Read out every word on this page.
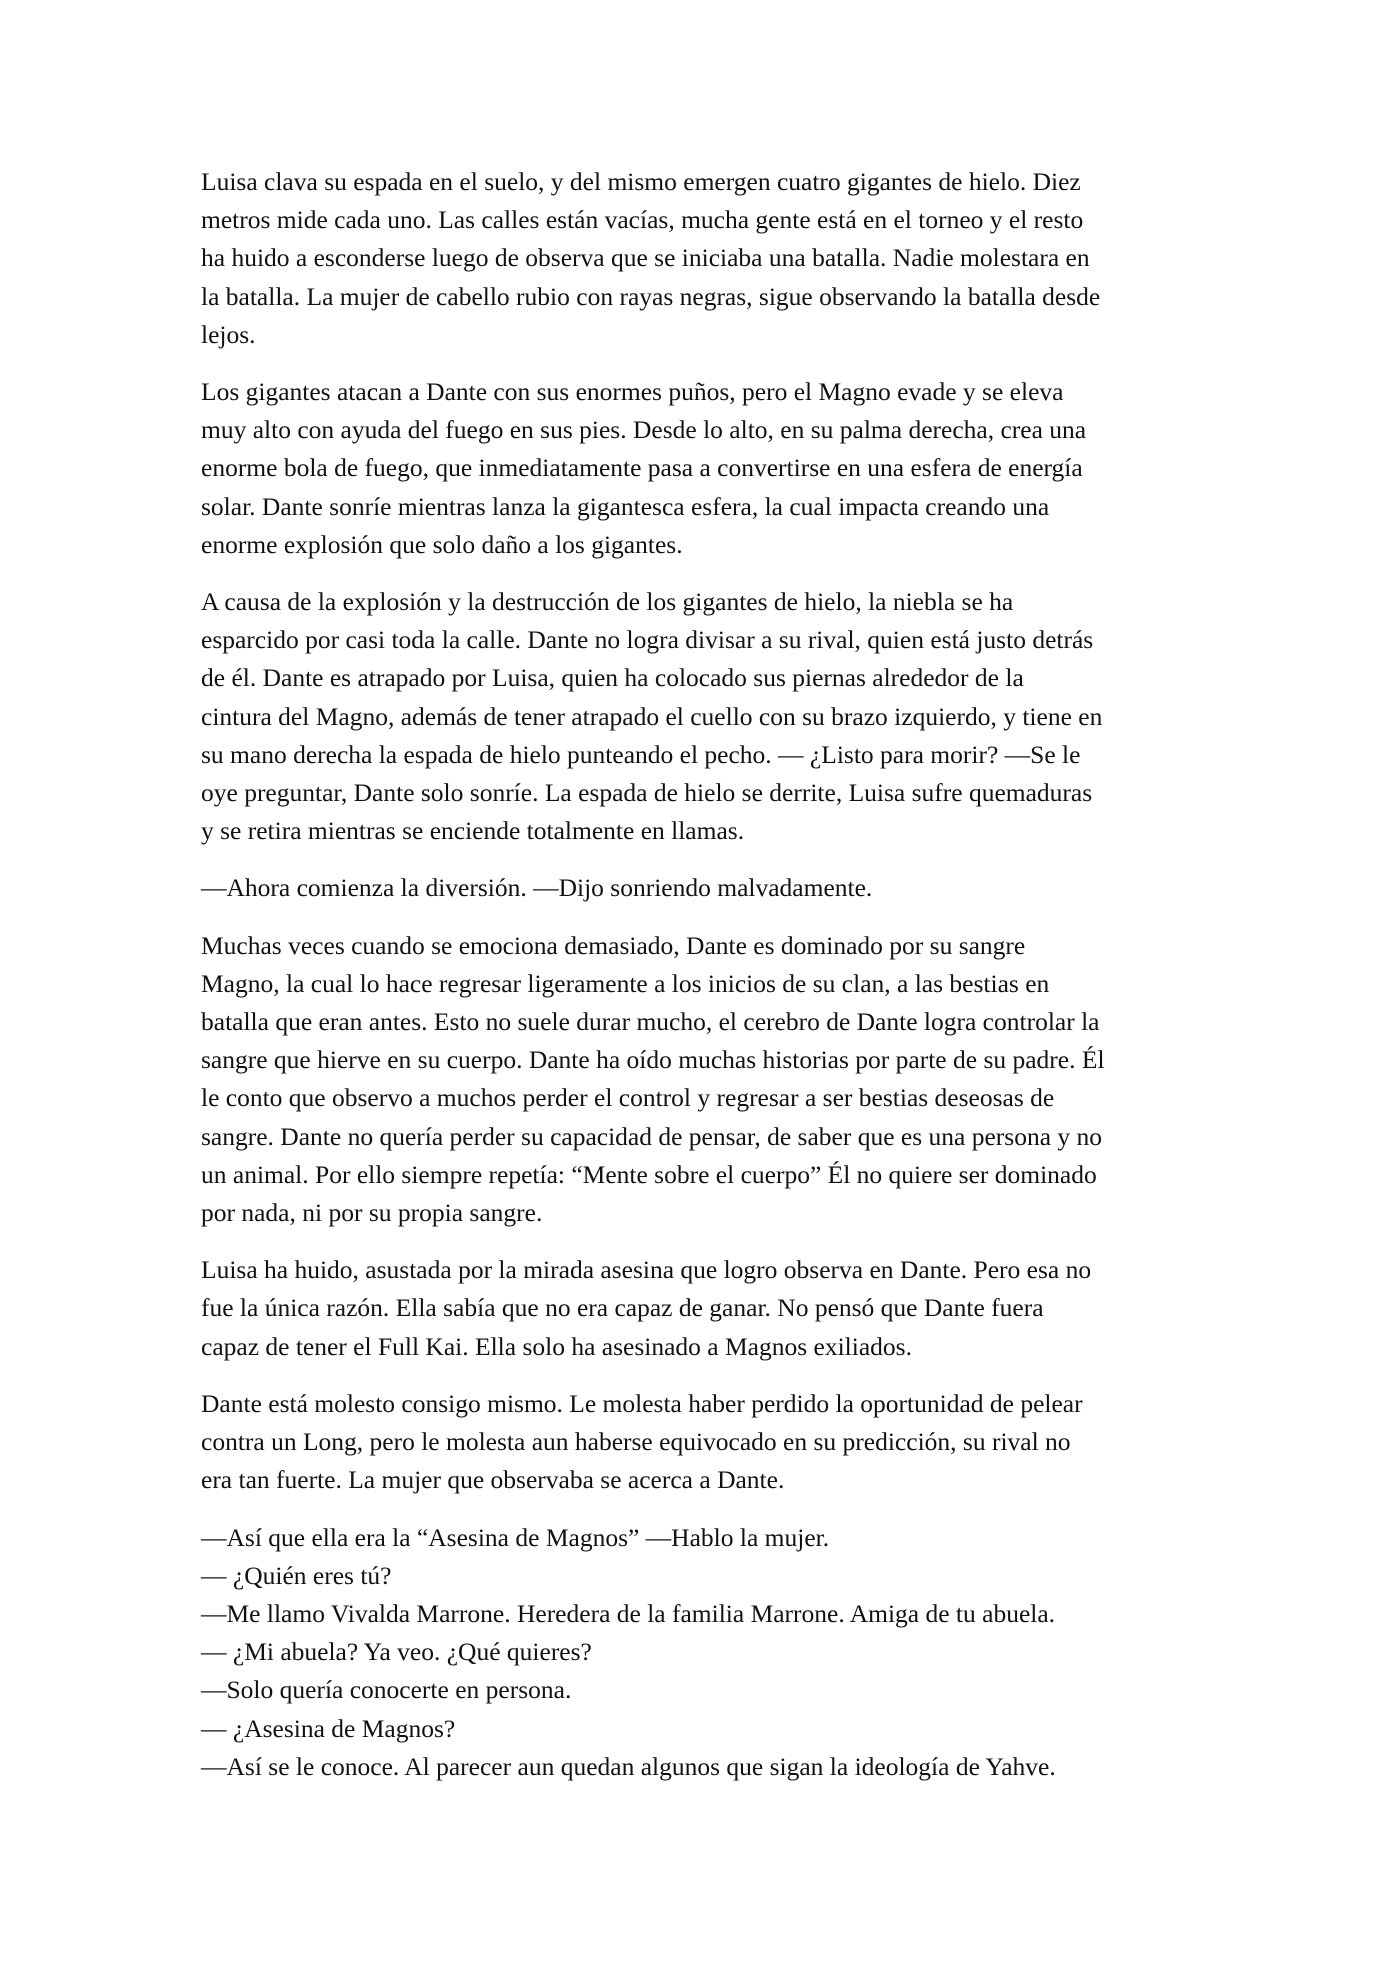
Luisa clava su espada en el suelo, y del mismo emergen cuatro gigantes de hielo. Diez
metros mide cada uno. Las calles están vacías, mucha gente está en el torneo y el resto
ha huido a esconderse luego de observa que se iniciaba una batalla. Nadie molestara en
la batalla. La mujer de cabello rubio con rayas negras, sigue observando la batalla desde
lejos.

Los gigantes atacan a Dante con sus enormes puños, pero el Magno evade y se eleva
muy alto con ayuda del fuego en sus pies. Desde lo alto, en su palma derecha, crea una
enorme bola de fuego, que inmediatamente pasa a convertirse en una esfera de energía
solar. Dante sonríe mientras lanza la gigantesca esfera, la cual impacta creando una
enorme explosión que solo daño a los gigantes.

A causa de la explosión y la destrucción de los gigantes de hielo, la niebla se ha
esparcido por casi toda la calle. Dante no logra divisar a su rival, quien está justo detrás
de él. Dante es atrapado por Luisa, quien ha colocado sus piernas alrededor de la
cintura del Magno, además de tener atrapado el cuello con su brazo izquierdo, y tiene en
su mano derecha la espada de hielo punteando el pecho. — ¿Listo para morir? —Se le
oye preguntar, Dante solo sonríe. La espada de hielo se derrite, Luisa sufre quemaduras
y se retira mientras se enciende totalmente en llamas.

—Ahora comienza la diversión. —Dijo sonriendo malvadamente.

Muchas veces cuando se emociona demasiado, Dante es dominado por su sangre
Magno, la cual lo hace regresar ligeramente a los inicios de su clan, a las bestias en
batalla que eran antes. Esto no suele durar mucho, el cerebro de Dante logra controlar la
sangre que hierve en su cuerpo. Dante ha oído muchas historias por parte de su padre. Él
le conto que observo a muchos perder el control y regresar a ser bestias deseosas de
sangre. Dante no quería perder su capacidad de pensar, de saber que es una persona y no
un animal. Por ello siempre repetía: “Mente sobre el cuerpo” Él no quiere ser dominado
por nada, ni por su propia sangre.

Luisa ha huido, asustada por la mirada asesina que logro observa en Dante. Pero esa no
fue la única razón. Ella sabía que no era capaz de ganar. No pensó que Dante fuera
capaz de tener el Full Kai. Ella solo ha asesinado a Magnos exiliados.

Dante está molesto consigo mismo. Le molesta haber perdido la oportunidad de pelear
contra un Long, pero le molesta aun haberse equivocado en su predicción, su rival no
era tan fuerte. La mujer que observaba se acerca a Dante.

—Así que ella era la “Asesina de Magnos” —Hablo la mujer.
— ¿Quién eres tú?
—Me llamo Vivalda Marrone. Heredera de la familia Marrone. Amiga de tu abuela.
— ¿Mi abuela? Ya veo. ¿Qué quieres?
—Solo quería conocerte en persona.
— ¿Asesina de Magnos?
—Así se le conoce. Al parecer aun quedan algunos que sigan la ideología de Yahve.
